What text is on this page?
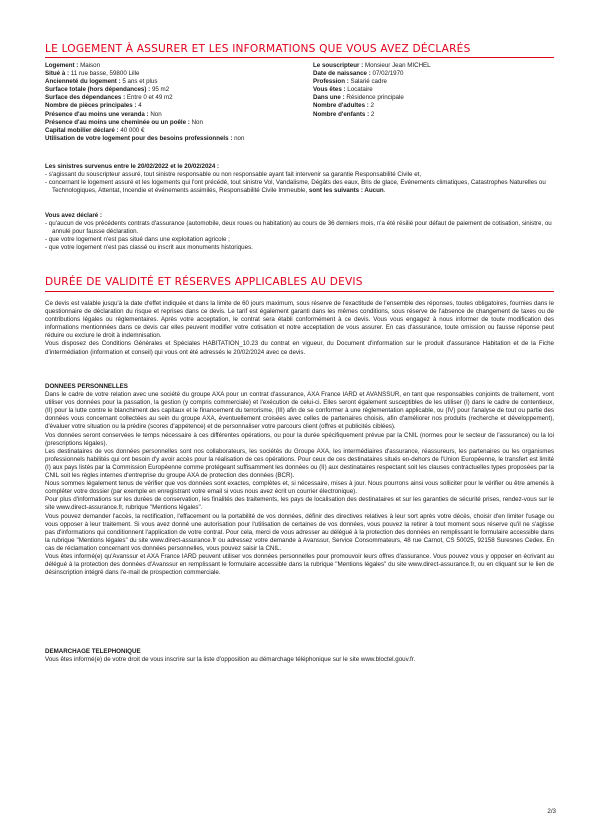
LE LOGEMENT À ASSURER ET LES INFORMATIONS QUE VOUS AVEZ DÉCLARÉS
Logement : Maison
Situé à : 11 rue basse, 59800 Lille
Ancienneté du logement : 5 ans et plus
Surface totale (hors dépendances) : 95 m2
Surface des dépendances : Entre 0 et 49 m2
Nombre de pièces principales : 4
Présence d'au moins une veranda : Non
Présence d'au moins une cheminée ou un poêle : Non
Capital mobilier déclaré : 40 000 €
Utilisation de votre logement pour des besoins professionnels : non
Le souscripteur : Monsieur Jean MICHEL
Date de naissance : 07/02/1970
Profession : Salarié cadre
Vous êtes : Locataire
Dans une : Résidence principale
Nombre d'adultes : 2
Nombre d'enfants : 2
Les sinistres survenus entre le 20/02/2022 et le 20/02/2024 :
- s'agissant du souscripteur assuré, tout sinistre responsable ou non responsable ayant fait intervenir sa garantie Responsabilité Civile et,
- concernant le logement assuré et les logements qui l'ont précédé, tout sinistre Vol, Vandalisme, Dégâts des eaux, Bris de glace, Evénements climatiques, Catastrophes Naturelles ou Technologiques, Attentat, Incendie et événements assimilés, Responsabilité Civile Immeuble, sont les suivants : Aucun.
Vous avez déclaré :
- qu'aucun de vos précédents contrats d'assurance (automobile, deux roues ou habitation) au cours de 36 derniers mois, n'a été résilié pour défaut de paiement de cotisation, sinistre, ou annulé pour fausse déclaration.
- que votre logement n'est pas situé dans une exploitation agricole ;
- que votre logement n'est pas classé ou inscrit aux monuments historiques.
DURÉE DE VALIDITÉ ET RÉSERVES APPLICABLES AU DEVIS

Ce devis est valable jusqu'à la date d'effet indiquée et dans la limite de 60 jours maximum, sous réserve de l'exactitude de l'ensemble des réponses, toutes obligatoires, fournies dans le questionnaire de déclaration du risque et reprises dans ce devis. Le tarif est également garanti dans les mêmes conditions, sous réserve de l'absence de changement de taxes ou de contributions légales ou réglementaires. Après votre acceptation, le contrat sera établi conformément à ce devis. Vous vous engagez à nous informer de toute modification des informations mentionnées dans ce devis car elles peuvent modifier votre cotisation et notre acceptation de vous assurer. En cas d'assurance, toute omission ou fausse réponse peut réduire ou exclure le droit à indemnisation.

Vous disposez des Conditions Générales et Spéciales HABITATION_10.23 du contrat en vigueur, du Document d'information sur le produit d'assurance Habitation et de la Fiche d'intermédiation (information et conseil) qui vous ont été adressés le 20/02/2024 avec ce devis.

DONNEES PERSONNELLES

Dans le cadre de votre relation avec une société du groupe AXA pour un contrat d'assurance, AXA France IARD et AVANSSUR, en tant que responsables conjoints de traitement, vont utiliser vos données pour la passation, la gestion (y compris commerciale) et l'exécution de celui-ci. Elles seront également susceptibles de les utiliser (I) dans le cadre de contentieux, (II) pour la lutte contre le blanchiment des capitaux et le financement du terrorisme, (III) afin de se conformer à une réglementation applicable, ou (IV) pour l'analyse de tout ou partie des données vous concernant collectées au sein du groupe AXA, éventuellement croisées avec celles de partenaires choisis, afin d'améliorer nos produits (recherche et développement), d'évaluer votre situation ou la prédire (scores d'appétence) et de personnaliser votre parcours client (offres et publicités ciblées).

Vos données seront conservées le temps nécessaire à ces différentes opérations, ou pour la durée spécifiquement prévue par la CNIL (normes pour le secteur de l'assurance) ou la loi (prescriptions légales).

Les destinataires de vos données personnelles sont nos collaborateurs, les sociétés du Groupe AXA, les intermédiaires d'assurance, réassureurs, les partenaires ou les organismes professionnels habilités qui ont besoin d'y avoir accès pour la réalisation de ces opérations. Pour ceux de ces destinataires situés en-dehors de l'Union Européenne, le transfert est limité (I) aux pays listés par la Commission Européenne comme protégeant suffisamment les données ou (II) aux destinataires respectant soit les clauses contractuelles types proposées par la CNIL soit les règles internes d'entreprise du groupe AXA de protection des données (BCR).

Nous sommes légalement tenus de vérifier que vos données sont exactes, complètes et, si nécessaire, mises à jour. Nous pourrons ainsi vous solliciter pour le vérifier ou être amenés à compléter votre dossier (par exemple en enregistrant votre email si vous nous avez écrit un courrier électronique).

Pour plus d'informations sur les durées de conservation, les finalités des traitements, les pays de localisation des destinataires et sur les garanties de sécurité prises, rendez-vous sur le site www.direct-assurance.fr, rubrique "Mentions légales".

Vous pouvez demander l'accès, la rectification, l'effacement ou la portabilité de vos données, définir des directives relatives à leur sort après votre décès, choisir d'en limiter l'usage ou vous opposer à leur traitement. Si vous avez donné une autorisation pour l'utilisation de certaines de vos données, vous pouvez la retirer à tout moment sous réserve qu'il ne s'agisse pas d'informations qui conditionnent l'application de votre contrat. Pour cela, merci de vous adresser au délégué à la protection des données en remplissant le formulaire accessible dans la rubrique "Mentions légales" du site www.direct-assurance.fr ou adressez votre demande à Avanssur, Service Consommateurs, 48 rue Carnot, CS 50025, 92158 Suresnes Cedex. En cas de réclamation concernant vos données personnelles, vous pouvez saisir la CNIL.

Vous êtes informé(e) qu'Avanssur et AXA France IARD peuvent utiliser vos données personnelles pour promouvoir leurs offres d'assurance. Vous pouvez vous y opposer en écrivant au délégué à la protection des données d'Avanssur en remplissant le formulaire accessible dans la rubrique "Mentions légales" du site www.direct-assurance.fr, ou en cliquant sur le lien de désinscription intégré dans l'e-mail de prospection commerciale.

DEMARCHAGE TELEPHONIQUE

Vous êtes informé(e) de votre droit de vous inscrire sur la liste d'opposition au démarchage téléphonique sur le site www.bloctel.gouv.fr.

2/3
